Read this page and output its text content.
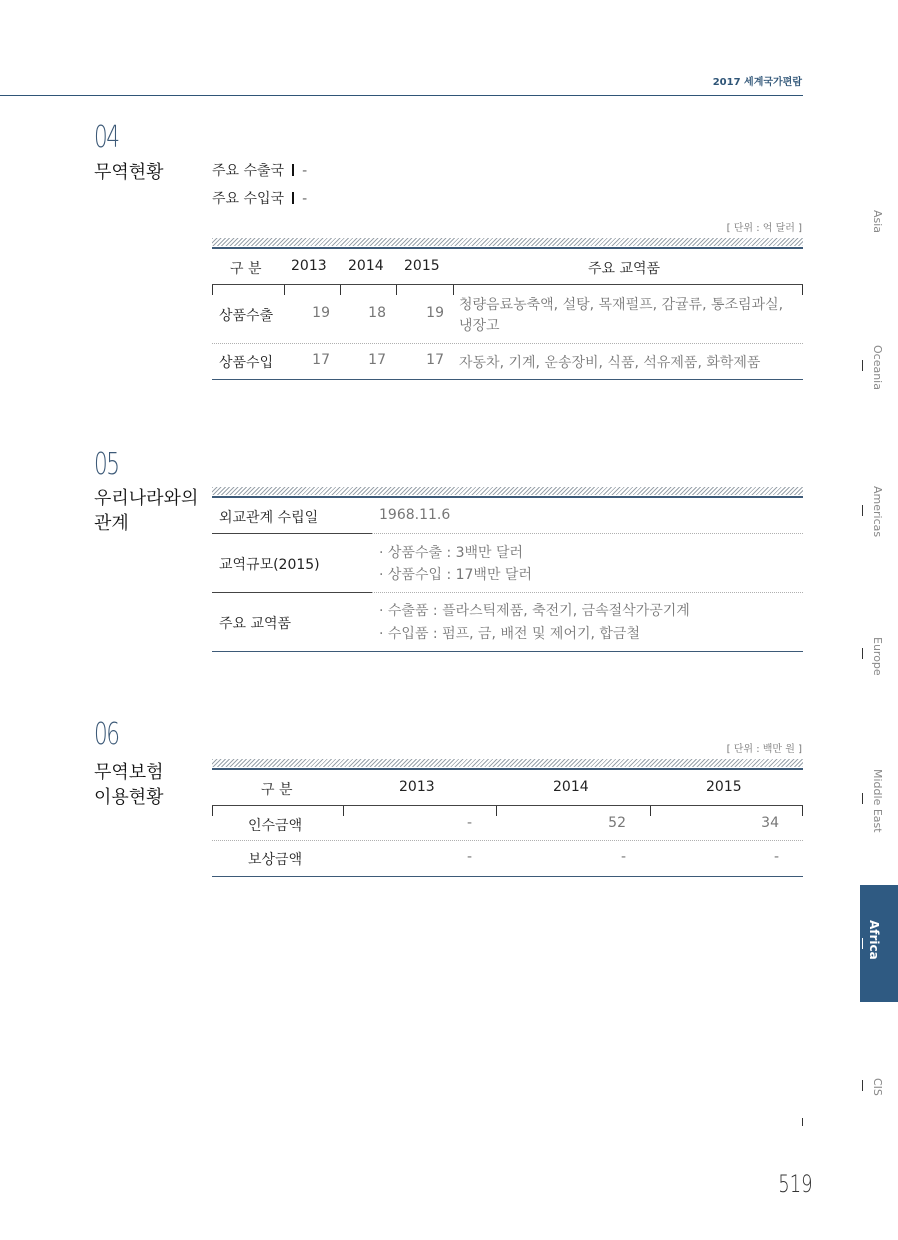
2017 세계국가편람
04
무역현황	주요 수출국 -
주요 수입국 -
[ 단위 : 억 달러 ]
구 분 2013 2014 2015	주요 교역품
상품수출	19	18	19 청량음료농축액, 설탕, 목재펄프, 감귤류, 통조림과실,
냉장고
상품수입	17	17	17 자동차, 기계, 운송장비, 식품, 석유제품, 화학제품
05
우리나라와의
관계	외교관계 수립일	1968.11.6
교역규모(2015)
· 상품수출 : 3백만 달러
· 상품수입 : 17백만 달러
주요 교역품
· 수출품 : 플라스틱제품, 축전기, 금속절삭가공기계
· 수입품 : 펌프, 금, 배전 및 제어기, 합금철
06
무역보험
이용현황
[ 단위 : 백만 원 ]
구 분	2013	2014	2015
인수금액	-	52	34
보상금액	-	-	-
Asia
Oceania
Americas
Europe
Middle East
Africa
CIS
519
